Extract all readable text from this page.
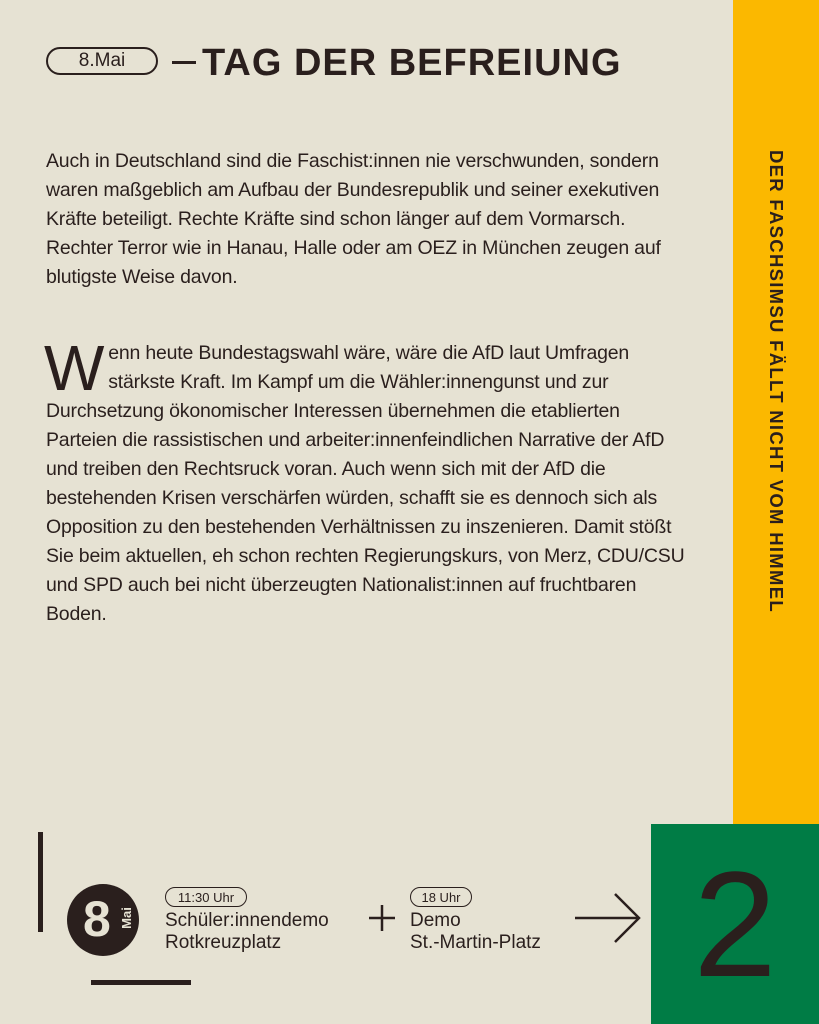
2
DER FASCHSIMSU FÄLLT NICHT VOM HIMMEL
8.Mai	TAG DER BEFREIUNG

Auch in Deutschland sind die Faschist:innen nie verschwunden, sondern waren maßgeblich am Aufbau der Bundesrepublik und seiner exekutiven Kräfte beteiligt. Rechte Kräfte sind schon länger auf dem Vormarsch. Rechter Terror wie in Hanau, Halle oder am OEZ in München zeugen auf blutigste Weise davon.

Wenn heute Bundestagswahl wäre, wäre die AfD laut Umfragen stärkste Kraft. Im Kampf um die Wähler:innengunst und zur Durchsetzung ökonomischer Interessen übernehmen die etablierten Parteien die rassistischen und arbeiter:innenfeindlichen Narrative der AfD und treiben den Rechtsruck voran. Auch wenn sich mit der AfD die bestehenden Krisen verschärfen würden, schafft sie es dennoch sich als Opposition zu den bestehenden Verhältnissen zu inszenieren. Damit stößt Sie beim aktuellen, eh schon rechten Regierungskurs, von Merz, CDU/CSU und SPD auch bei nicht überzeugten Nationalist:innen auf fruchtbaren Boden.

8 Mai
11:30 Uhr
Schüler:innendemo
Rotkreuzplatz
18 Uhr
Demo
St.-Martin-Platz
